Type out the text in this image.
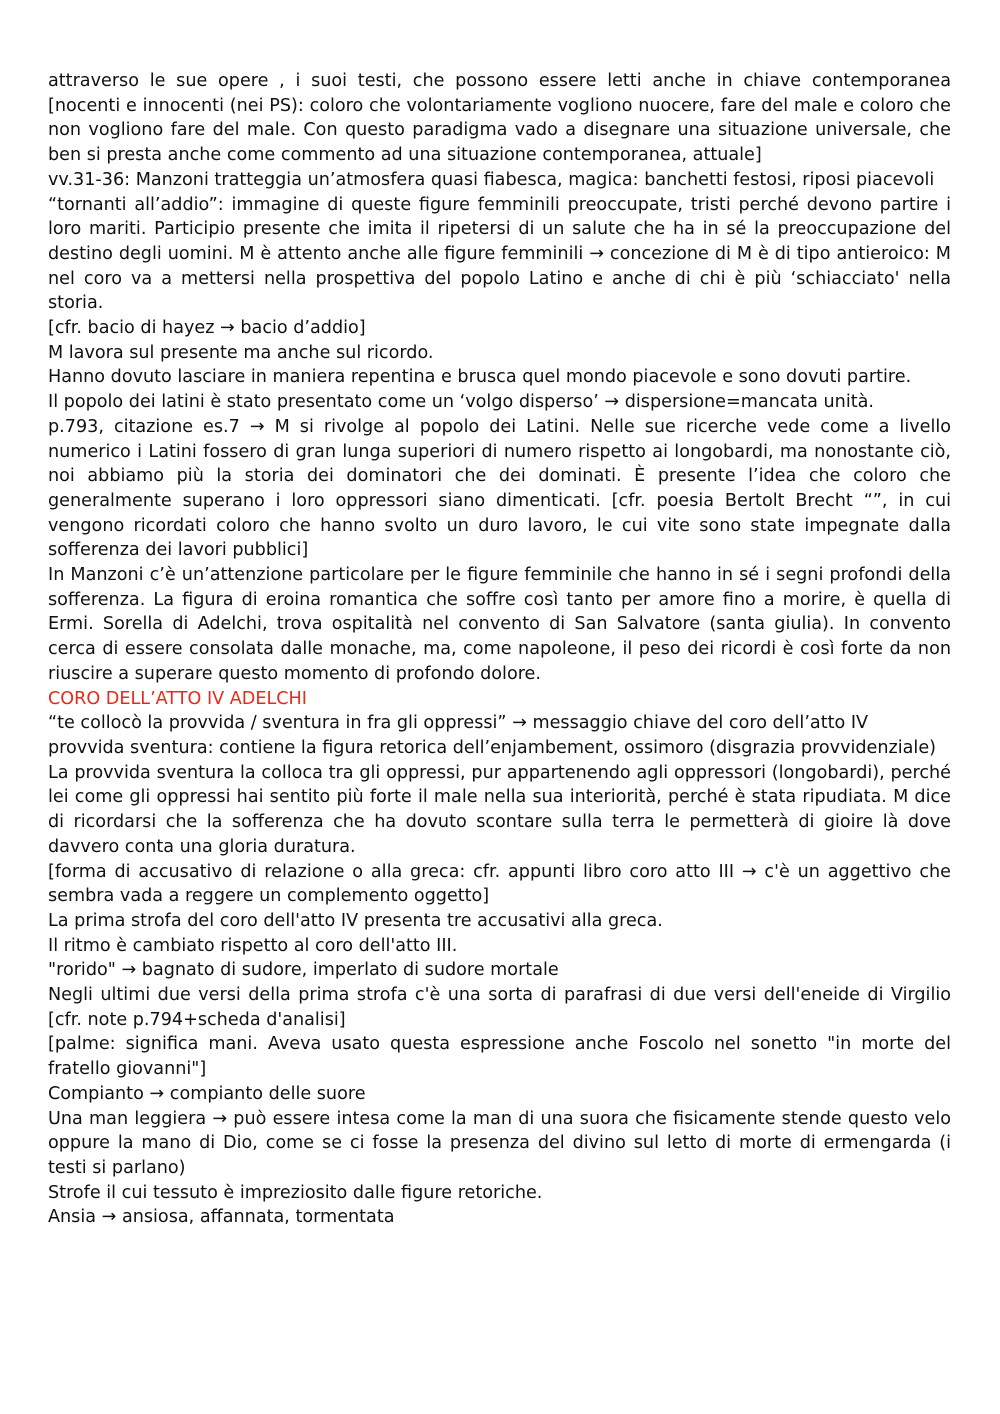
attraverso le sue opere , i suoi testi, che possono essere letti anche in chiave contemporanea [nocenti e innocenti (nei PS): coloro che volontariamente vogliono nuocere, fare del male e coloro che non vogliono fare del male. Con questo paradigma vado a disegnare una situazione universale, che ben si presta anche come commento ad una situazione contemporanea, attuale]

vv.31-36: Manzoni tratteggia un’atmosfera quasi fiabesca, magica: banchetti festosi, riposi piacevoli

“tornanti all’addio”: immagine di queste figure femminili preoccupate, tristi perché devono partire i loro mariti. Participio presente che imita il ripetersi di un salute che ha in sé la preoccupazione del destino degli uomini. M è attento anche alle figure femminili → concezione di M è di tipo antieroico: M nel coro va a mettersi nella prospettiva del popolo Latino e anche di chi è più ‘schiacciato' nella storia.

[cfr. bacio di hayez → bacio d’addio]

M lavora sul presente ma anche sul ricordo.

Hanno dovuto lasciare in maniera repentina e brusca quel mondo piacevole e sono dovuti partire.

Il popolo dei latini è stato presentato come un ‘volgo disperso’ → dispersione=mancata unità.

p.793, citazione es.7 → M si rivolge al popolo dei Latini. Nelle sue ricerche vede come a livello numerico i Latini fossero di gran lunga superiori di numero rispetto ai longobardi, ma nonostante ciò, noi abbiamo più la storia dei dominatori che dei dominati. È presente l’idea che coloro che generalmente superano i loro oppressori siano dimenticati. [cfr. poesia Bertolt Brecht “”, in cui vengono ricordati coloro che hanno svolto un duro lavoro, le cui vite sono state impegnate dalla sofferenza dei lavori pubblici]

In Manzoni c’è un’attenzione particolare per le figure femminile che hanno in sé i segni profondi della sofferenza. La figura di eroina romantica che soffre così tanto per amore fino a morire, è quella di Ermi. Sorella di Adelchi, trova ospitalità nel convento di San Salvatore (santa giulia). In convento cerca di essere consolata dalle monache, ma, come napoleone, il peso dei ricordi è così forte da non riuscire a superare questo momento di profondo dolore.

CORO DELL’ATTO IV ADELCHI

“te collocò la provvida / sventura in fra gli oppressi” → messaggio chiave del coro dell’atto IV

provvida sventura: contiene la figura retorica dell’enjambement, ossimoro (disgrazia provvidenziale)

La provvida sventura la colloca tra gli oppressi, pur appartenendo agli oppressori (longobardi), perché lei come gli oppressi hai sentito più forte il male nella sua interiorità, perché è stata ripudiata. M dice di ricordarsi che la sofferenza che ha dovuto scontare sulla terra le permetterà di gioire là dove davvero conta una gloria duratura.

[forma di accusativo di relazione o alla greca: cfr. appunti libro coro atto III → c'è un aggettivo che sembra vada a reggere un complemento oggetto]

La prima strofa del coro dell'atto IV presenta tre accusativi alla greca.

Il ritmo è cambiato rispetto al coro dell'atto III.

"rorido" → bagnato di sudore, imperlato di sudore mortale

Negli ultimi due versi della prima strofa c'è una sorta di parafrasi di due versi dell'eneide di Virgilio [cfr. note p.794+scheda d'analisi]

[palme: significa mani. Aveva usato questa espressione anche Foscolo nel sonetto "in morte del fratello giovanni"]

Compianto → compianto delle suore

Una man leggiera → può essere intesa come la man di una suora che fisicamente stende questo velo oppure la mano di Dio, come se ci fosse la presenza del divino sul letto di morte di ermengarda (i testi si parlano)

Strofe il cui tessuto è impreziosito dalle figure retoriche.

Ansia → ansiosa, affannata, tormentata
